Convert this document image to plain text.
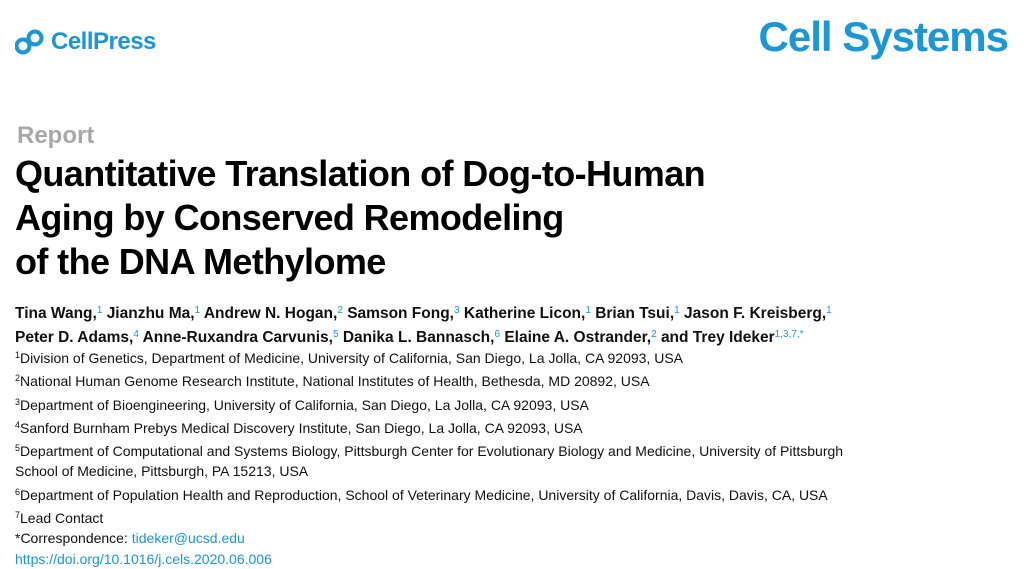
CellPress	Cell Systems
Report
Quantitative Translation of Dog-to-Human
Aging by Conserved Remodeling
of the DNA Methylome
Tina Wang,$^1$ Jianzhu Ma,$^1$ Andrew N. Hogan,$^2$ Samson Fong,$^3$ Katherine Licon,$^1$ Brian Tsui,$^1$ Jason F. Kreisberg,$^1$
Peter D. Adams,$^4$ Anne-Ruxandra Carvunis,$^5$ Danika L. Bannasch,$^6$ Elaine A. Ostrander,$^2$ and Trey Ideker$^{1,3,7,*}$
$^1$Division of Genetics, Department of Medicine, University of California, San Diego, La Jolla, CA 92093, USA
$^2$National Human Genome Research Institute, National Institutes of Health, Bethesda, MD 20892, USA
$^3$Department of Bioengineering, University of California, San Diego, La Jolla, CA 92093, USA
$^4$Sanford Burnham Prebys Medical Discovery Institute, San Diego, La Jolla, CA 92093, USA
$^5$Department of Computational and Systems Biology, Pittsburgh Center for Evolutionary Biology and Medicine, University of Pittsburgh
School of Medicine, Pittsburgh, PA 15213, USA
$^6$Department of Population Health and Reproduction, School of Veterinary Medicine, University of California, Davis, Davis, CA, USA
$^7$Lead Contact
*Correspondence: tideker@ucsd.edu
https://doi.org/10.1016/j.cels.2020.06.006
